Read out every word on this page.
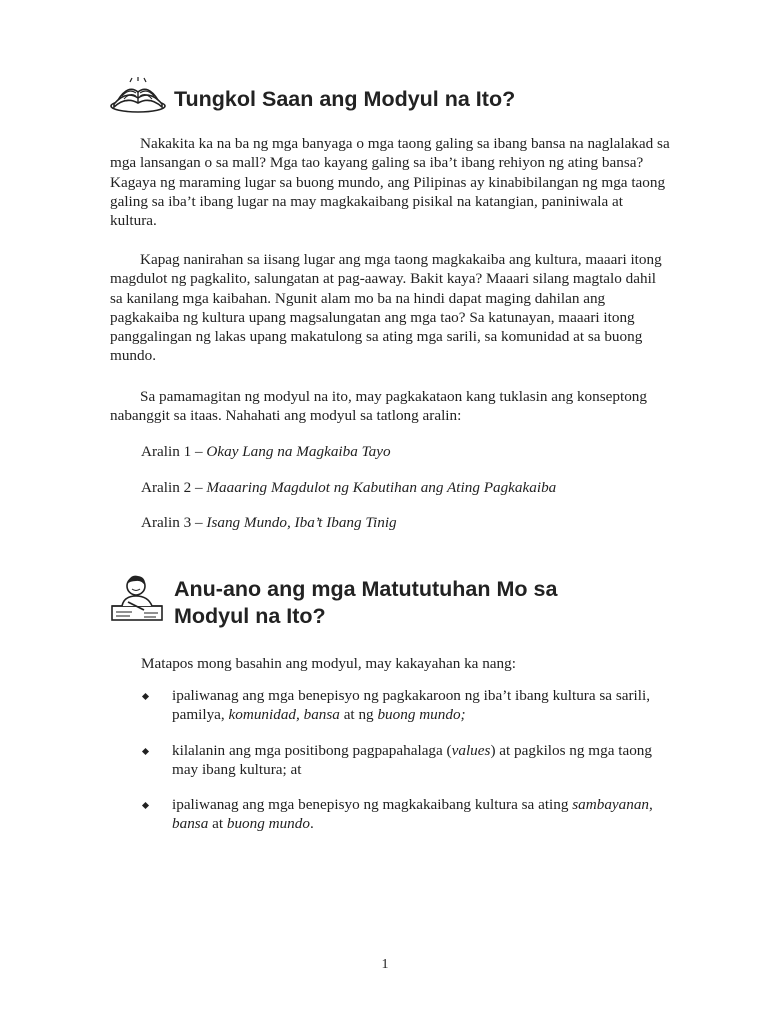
Tungkol Saan ang Modyul na Ito?

Nakakita ka na ba ng mga banyaga o mga taong galing sa ibang bansa na naglalakad sa mga lansangan o sa mall? Mga tao kayang galing sa iba’t ibang rehiyon ng ating bansa? Kagaya ng maraming lugar sa buong mundo, ang Pilipinas ay kinabibilangan ng mga taong galing sa iba’t ibang lugar na may magkakaibang pisikal na katangian, paniniwala at kultura.

Kapag nanirahan sa iisang lugar ang mga taong magkakaiba ang kultura, maaari itong magdulot ng pagkalito, salungatan at pag-aaway. Bakit kaya? Maaari silang magtalo dahil sa kanilang mga kaibahan. Ngunit alam mo ba na hindi dapat maging dahilan ang pagkakaiba ng kultura upang magsalungatan ang mga tao? Sa katunayan, maaari itong panggalingan ng lakas upang makatulong sa ating mga sarili, sa komunidad at sa buong mundo.

Sa pamamagitan ng modyul na ito, may pagkakataon kang tuklasin ang konseptong nabanggit sa itaas. Nahahati ang modyul sa tatlong aralin:

Aralin 1 – Okay Lang na Magkaiba Tayo

Aralin 2 – Maaaring Magdulot ng Kabutihan ang Ating Pagkakaiba

Aralin 3 – Isang Mundo, Iba’t Ibang Tinig

Anu-ano ang mga Matututuhan Mo sa
Modyul na Ito?

Matapos mong basahin ang modyul, may kakayahan ka nang:

ipaliwanag ang mga benepisyo ng pagkakaroon ng iba’t ibang kultura sa sarili, pamilya, komunidad, bansa at ng buong mundo;
kilalanin ang mga positibong pagpapahalaga (values) at pagkilos ng mga taong may ibang kultura; at
ipaliwanag ang mga benepisyo ng magkakaibang kultura sa ating sambayanan, bansa at buong mundo.
1
